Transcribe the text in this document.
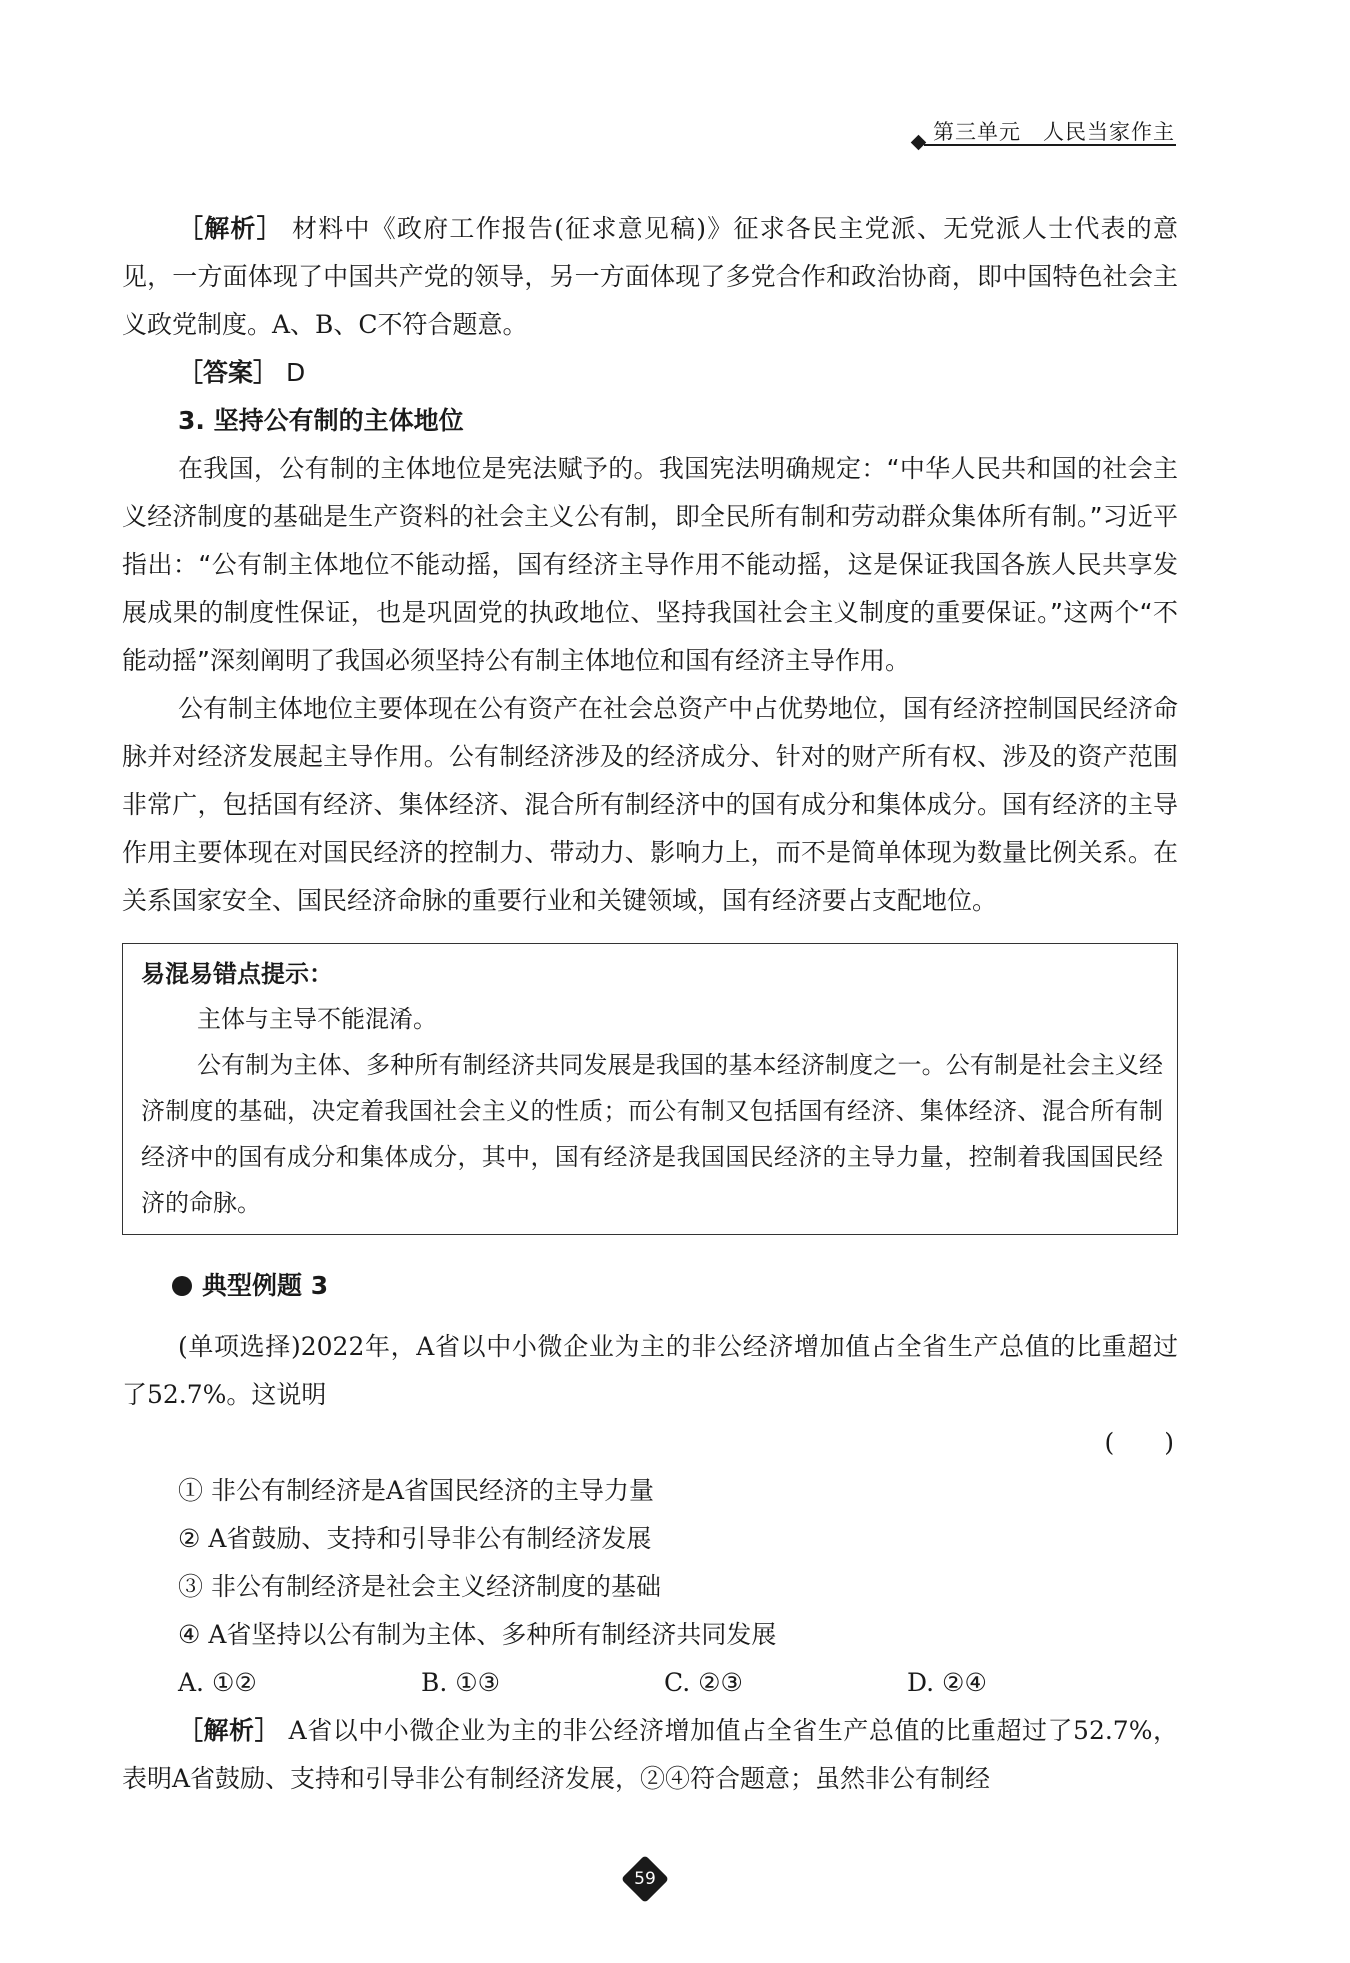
第三单元　人民当家作主

［解析］ 材料中《政府工作报告(征求意见稿)》征求各民主党派、无党派人士代表的意见，一方面体现了中国共产党的领导，另一方面体现了多党合作和政治协商，即中国特色社会主义政党制度。A、B、C不符合题意。

［答案］ D

3. 坚持公有制的主体地位

在我国，公有制的主体地位是宪法赋予的。我国宪法明确规定：“中华人民共和国的社会主义经济制度的基础是生产资料的社会主义公有制，即全民所有制和劳动群众集体所有制。”习近平指出：“公有制主体地位不能动摇，国有经济主导作用不能动摇，这是保证我国各族人民共享发展成果的制度性保证，也是巩固党的执政地位、坚持我国社会主义制度的重要保证。”这两个“不能动摇”深刻阐明了我国必须坚持公有制主体地位和国有经济主导作用。

公有制主体地位主要体现在公有资产在社会总资产中占优势地位，国有经济控制国民经济命脉并对经济发展起主导作用。公有制经济涉及的经济成分、针对的财产所有权、涉及的资产范围非常广，包括国有经济、集体经济、混合所有制经济中的国有成分和集体成分。国有经济的主导作用主要体现在对国民经济的控制力、带动力、影响力上，而不是简单体现为数量比例关系。在关系国家安全、国民经济命脉的重要行业和关键领域，国有经济要占支配地位。

易混易错点提示：

主体与主导不能混淆。

公有制为主体、多种所有制经济共同发展是我国的基本经济制度之一。公有制是社会主义经济制度的基础，决定着我国社会主义的性质；而公有制又包括国有经济、集体经济、混合所有制经济中的国有成分和集体成分，其中，国有经济是我国国民经济的主导力量，控制着我国国民经济的命脉。

典型例题 3

(单项选择)2022年，A省以中小微企业为主的非公经济增加值占全省生产总值的比重超过了52.7%。这说明

(　　)

① 非公有制经济是A省国民经济的主导力量

② A省鼓励、支持和引导非公有制经济发展

③ 非公有制经济是社会主义经济制度的基础

④ A省坚持以公有制为主体、多种所有制经济共同发展

A. ①②	B. ①③	C. ②③	D. ②④

［解析］ A省以中小微企业为主的非公经济增加值占全省生产总值的比重超过了52.7%，表明A省鼓励、支持和引导非公有制经济发展，②④符合题意；虽然非公有制经

59
